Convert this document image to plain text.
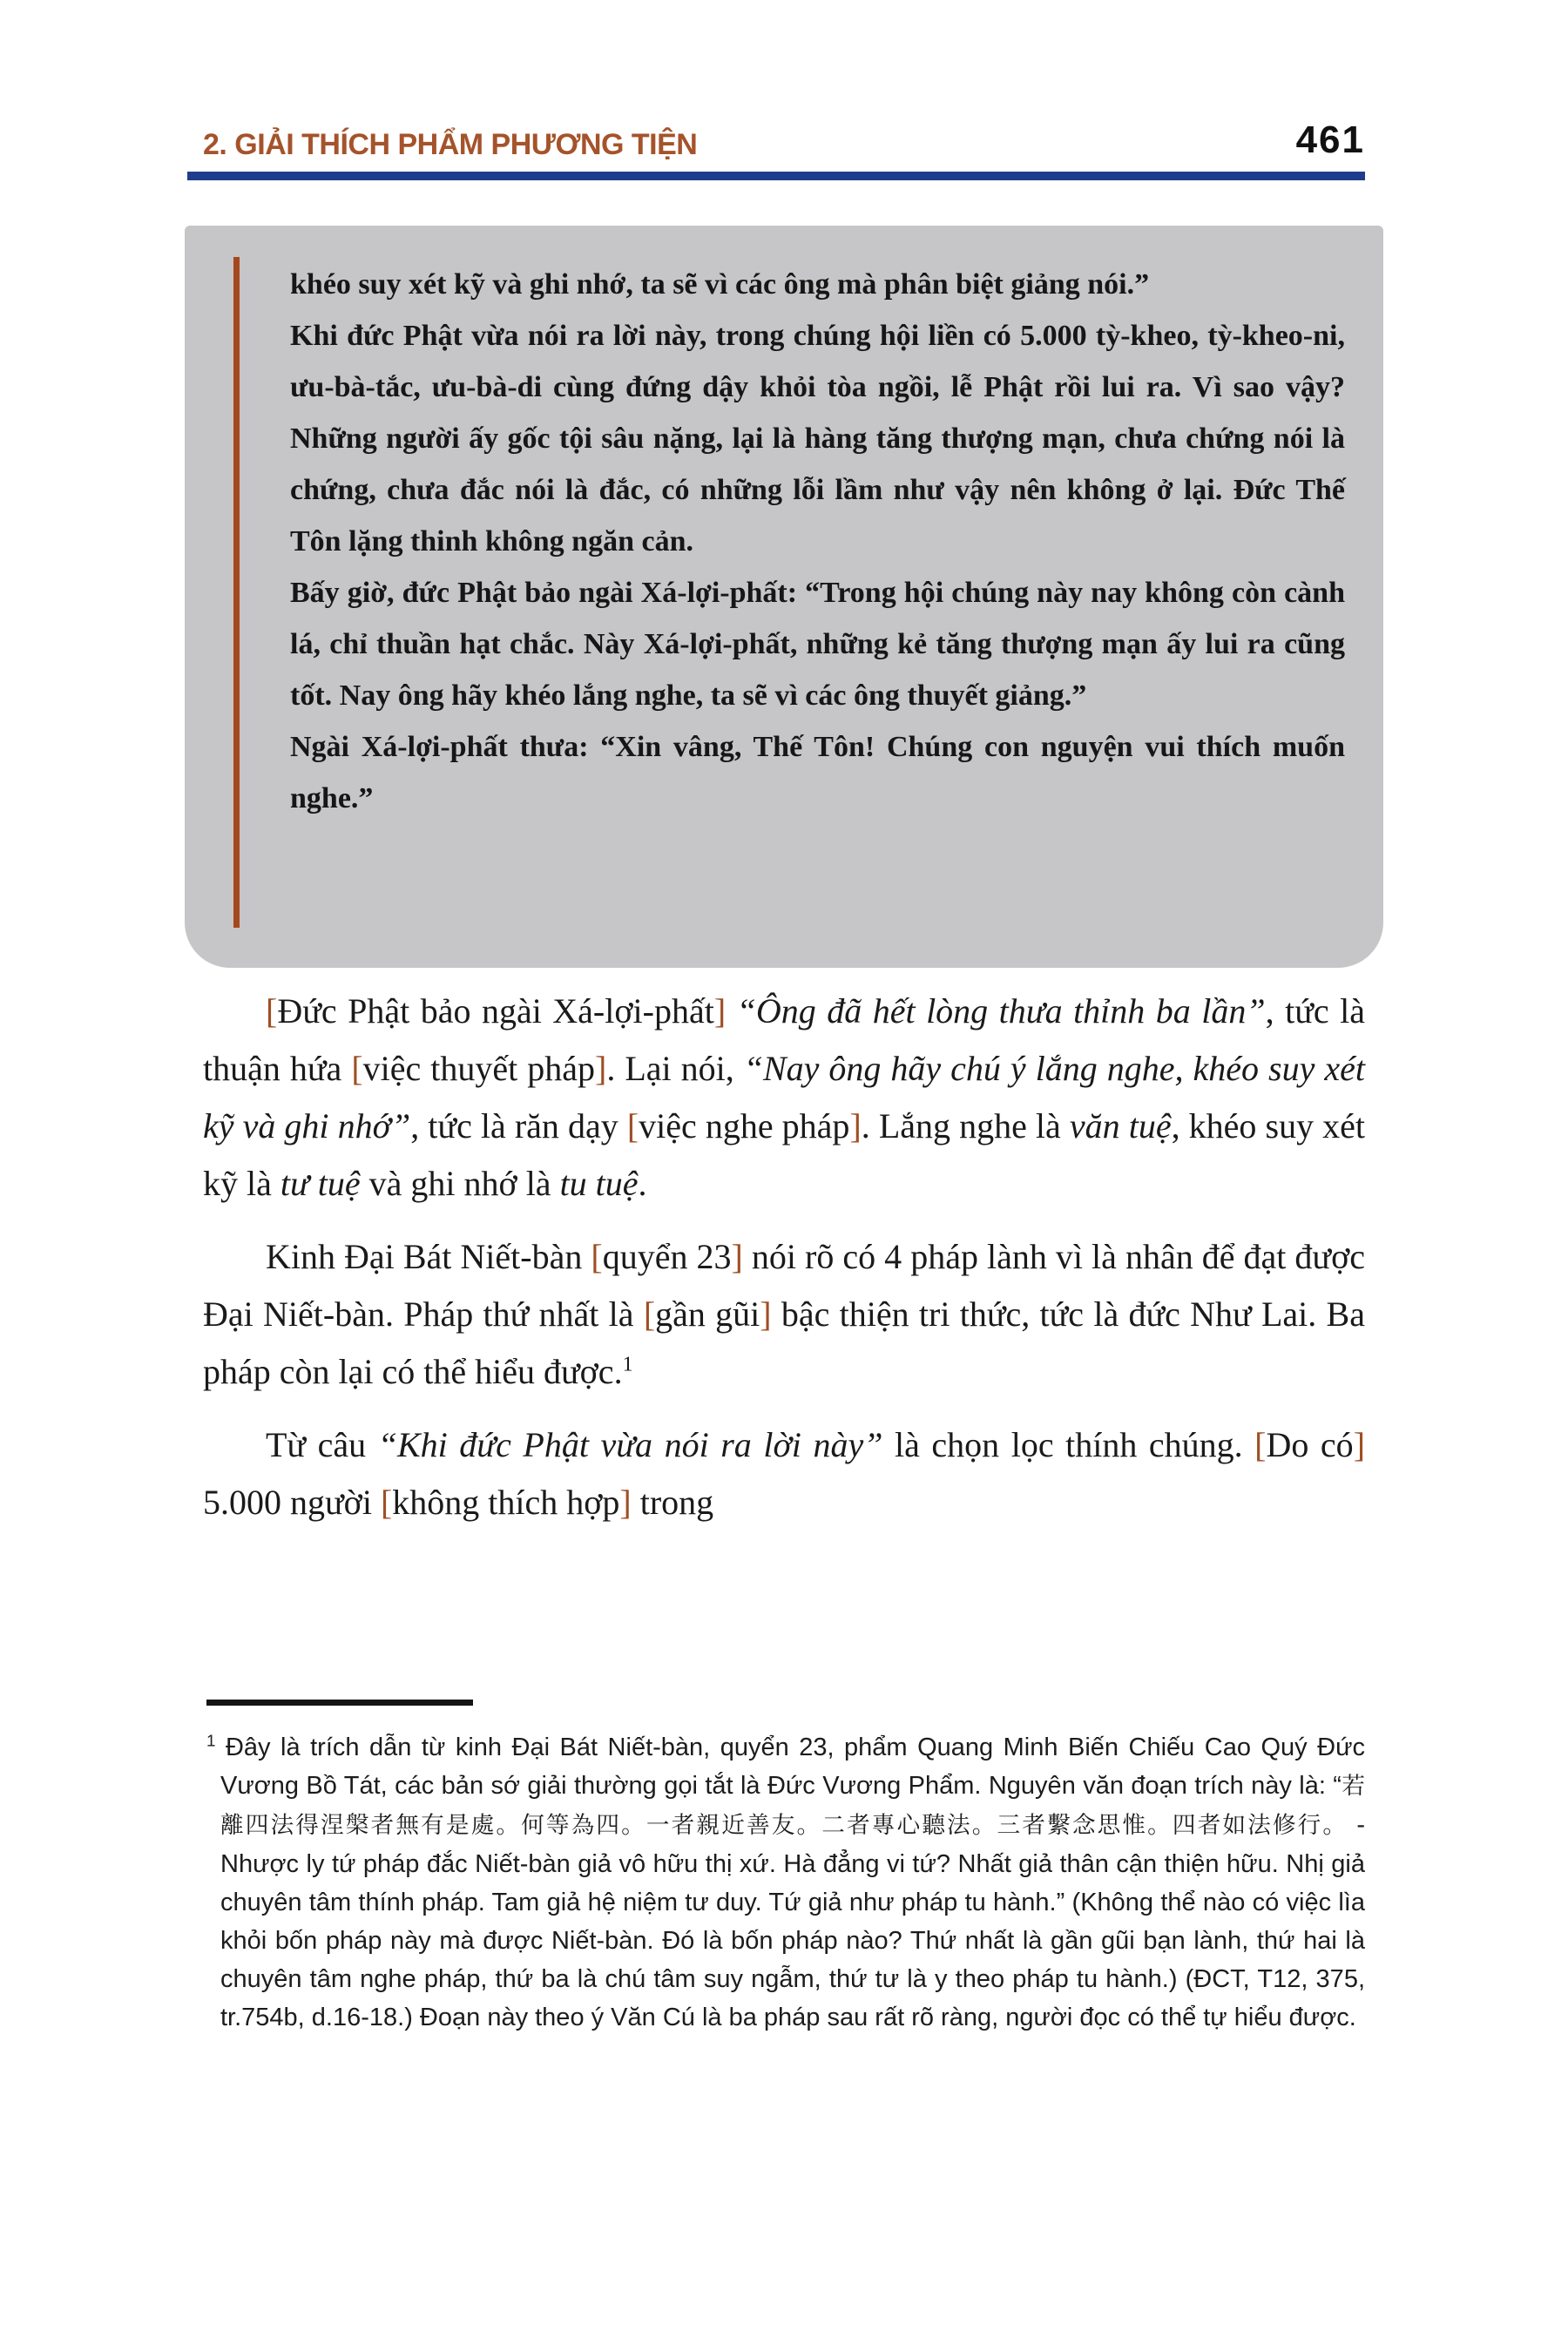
2. GIẢI THÍCH PHẨM PHƯƠNG TIỆN	461

khéo suy xét kỹ và ghi nhớ, ta sẽ vì các ông mà phân biệt giảng nói.”

Khi đức Phật vừa nói ra lời này, trong chúng hội liền có 5.000 tỳ-kheo, tỳ-kheo-ni, ưu-bà-tắc, ưu-bà-di cùng đứng dậy khỏi tòa ngồi, lễ Phật rồi lui ra. Vì sao vậy? Những người ấy gốc tội sâu nặng, lại là hàng tăng thượng mạn, chưa chứng nói là chứng, chưa đắc nói là đắc, có những lỗi lầm như vậy nên không ở lại. Đức Thế Tôn lặng thinh không ngăn cản.

Bấy giờ, đức Phật bảo ngài Xá-lợi-phất: “Trong hội chúng này nay không còn cành lá, chỉ thuần hạt chắc. Này Xá-lợi-phất, những kẻ tăng thượng mạn ấy lui ra cũng tốt. Nay ông hãy khéo lắng nghe, ta sẽ vì các ông thuyết giảng.”

Ngài Xá-lợi-phất thưa: “Xin vâng, Thế Tôn! Chúng con nguyện vui thích muốn nghe.”

[Đức Phật bảo ngài Xá-lợi-phất] “Ông đã hết lòng thưa thỉnh ba lần”, tức là thuận hứa [việc thuyết pháp]. Lại nói, “Nay ông hãy chú ý lắng nghe, khéo suy xét kỹ và ghi nhớ”, tức là răn dạy [việc nghe pháp]. Lắng nghe là văn tuệ, khéo suy xét kỹ là tư tuệ và ghi nhớ là tu tuệ.

Kinh Đại Bát Niết-bàn [quyển 23] nói rõ có 4 pháp lành vì là nhân để đạt được Đại Niết-bàn. Pháp thứ nhất là [gần gũi] bậc thiện tri thức, tức là đức Như Lai. Ba pháp còn lại có thể hiểu được.$^1$

Từ câu “Khi đức Phật vừa nói ra lời này” là chọn lọc thính chúng. [Do có] 5.000 người [không thích hợp] trong

$^1$ Đây là trích dẫn từ kinh Đại Bát Niết-bàn, quyển 23, phẩm Quang Minh Biến Chiếu Cao Quý Đức Vương Bồ Tát, các bản sớ giải thường gọi tắt là Đức Vương Phẩm. Nguyên văn đoạn trích này là: “若離四法得涅槃者無有是處。何等為四。一者親近善友。二者專心聽法。三者繫念思惟。四者如法修行。 - Nhược ly tứ pháp đắc Niết-bàn giả vô hữu thị xứ. Hà đẳng vi tứ? Nhất giả thân cận thiện hữu. Nhị giả chuyên tâm thính pháp. Tam giả hệ niệm tư duy. Tứ giả như pháp tu hành.” (Không thể nào có việc lìa khỏi bốn pháp này mà được Niết-bàn. Đó là bốn pháp nào? Thứ nhất là gần gũi bạn lành, thứ hai là chuyên tâm nghe pháp, thứ ba là chú tâm suy ngẫm, thứ tư là y theo pháp tu hành.) (ĐCT, T12, 375, tr.754b, d.16-18.) Đoạn này theo ý Văn Cú là ba pháp sau rất rõ ràng, người đọc có thể tự hiểu được.
